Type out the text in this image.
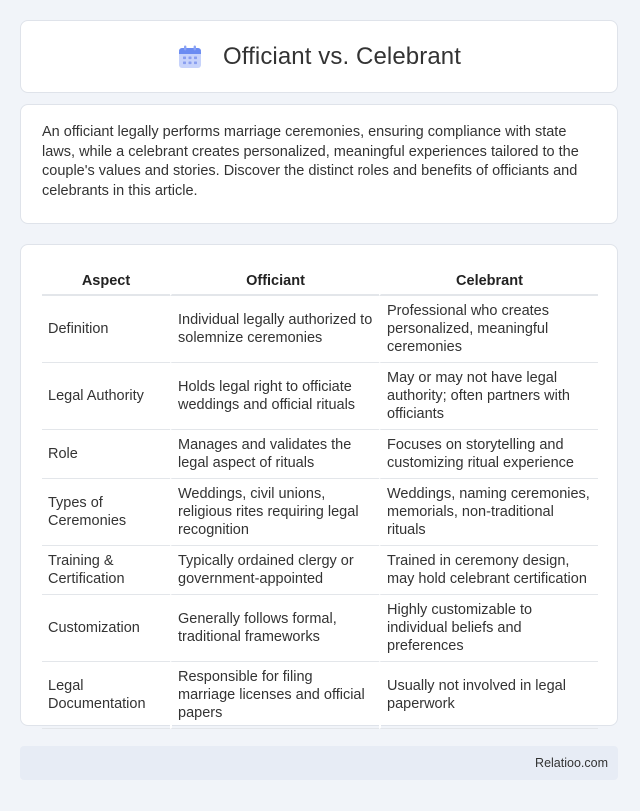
Officiant vs. Celebrant

An officiant legally performs marriage ceremonies, ensuring compliance with state laws, while a celebrant creates personalized, meaningful experiences tailored to the couple's values and stories. Discover the distinct roles and benefits of officiants and celebrants in this article.

Aspect	Officiant	Celebrant
Definition	Individual legally authorized to solemnize ceremonies	Professional who creates personalized, meaningful ceremonies
Legal Authority	Holds legal right to officiate weddings and official rituals	May or may not have legal authority; often partners with officiants
Role	Manages and validates the legal aspect of rituals	Focuses on storytelling and customizing ritual experience
Types of Ceremonies	Weddings, civil unions, religious rites requiring legal recognition	Weddings, naming ceremonies, memorials, non-traditional rituals
Training & Certification	Typically ordained clergy or government-appointed	Trained in ceremony design, may hold celebrant certification
Customization	Generally follows formal, traditional frameworks	Highly customizable to individual beliefs and preferences
Legal Documentation	Responsible for filing marriage licenses and official papers	Usually not involved in legal paperwork
Relatioo.com
